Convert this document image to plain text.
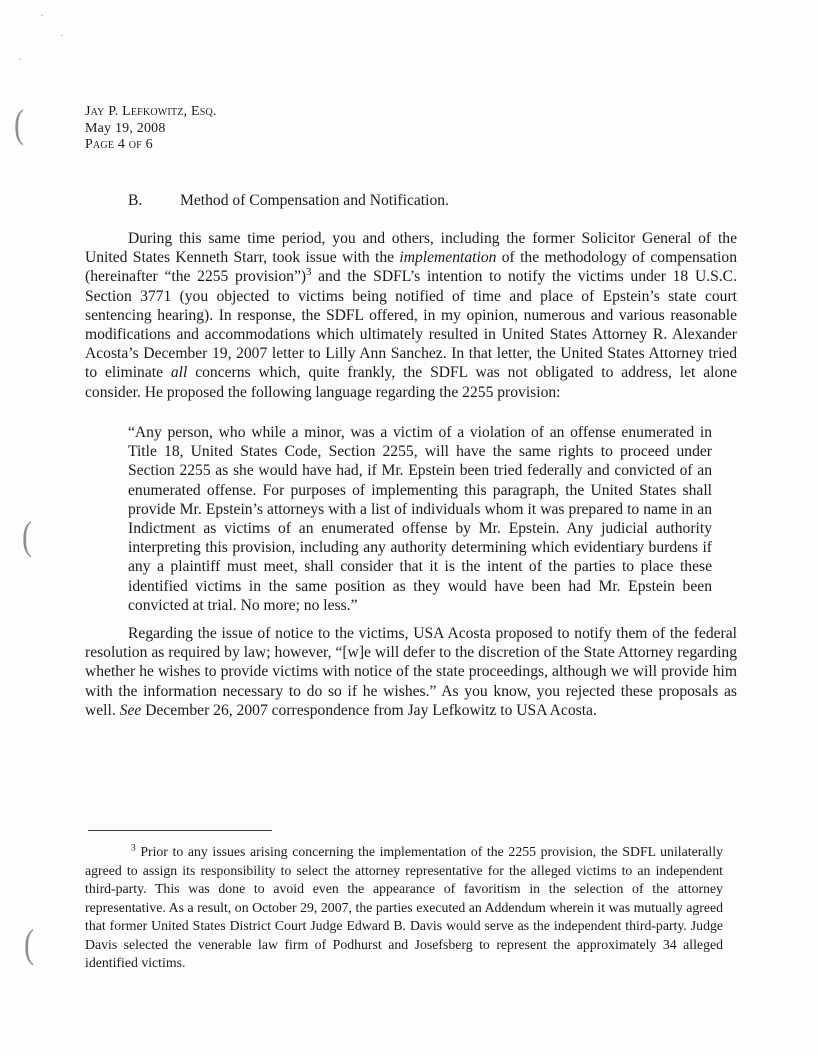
·
·
·
(
(
(
Jay P. Lefkowitz, Esq.
May 19, 2008
Page 4 of 6
B. Method of Compensation and Notification.

During this same time period, you and others, including the former Solicitor General of the United States Kenneth Starr, took issue with the implementation of the methodology of compensation (hereinafter “the 2255 provision”)$^3$ and the SDFL’s intention to notify the victims under 18 U.S.C. Section 3771 (you objected to victims being notified of time and place of Epstein’s state court sentencing hearing). In response, the SDFL offered, in my opinion, numerous and various reasonable modifications and accommodations which ultimately resulted in United States Attorney R. Alexander Acosta’s December 19, 2007 letter to Lilly Ann Sanchez. In that letter, the United States Attorney tried to eliminate all concerns which, quite frankly, the SDFL was not obligated to address, let alone consider. He proposed the following language regarding the 2255 provision:

“Any person, who while a minor, was a victim of a violation of an offense enumerated in Title 18, United States Code, Section 2255, will have the same rights to proceed under Section 2255 as she would have had, if Mr. Epstein been tried federally and convicted of an enumerated offense. For purposes of implementing this paragraph, the United States shall provide Mr. Epstein’s attorneys with a list of individuals whom it was prepared to name in an Indictment as victims of an enumerated offense by Mr. Epstein. Any judicial authority interpreting this provision, including any authority determining which evidentiary burdens if any a plaintiff must meet, shall consider that it is the intent of the parties to place these identified victims in the same position as they would have been had Mr. Epstein been convicted at trial. No more; no less.”

Regarding the issue of notice to the victims, USA Acosta proposed to notify them of the federal resolution as required by law; however, “[w]e will defer to the discretion of the State Attorney regarding whether he wishes to provide victims with notice of the state proceedings, although we will provide him with the information necessary to do so if he wishes.” As you know, you rejected these proposals as well. See December 26, 2007 correspondence from Jay Lefkowitz to USA Acosta.

$^3$ Prior to any issues arising concerning the implementation of the 2255 provision, the SDFL unilaterally agreed to assign its responsibility to select the attorney representative for the alleged victims to an independent third-party. This was done to avoid even the appearance of favoritism in the selection of the attorney representative. As a result, on October 29, 2007, the parties executed an Addendum wherein it was mutually agreed that former United States District Court Judge Edward B. Davis would serve as the independent third-party. Judge Davis selected the venerable law firm of Podhurst and Josefsberg to represent the approximately 34 alleged identified victims.
